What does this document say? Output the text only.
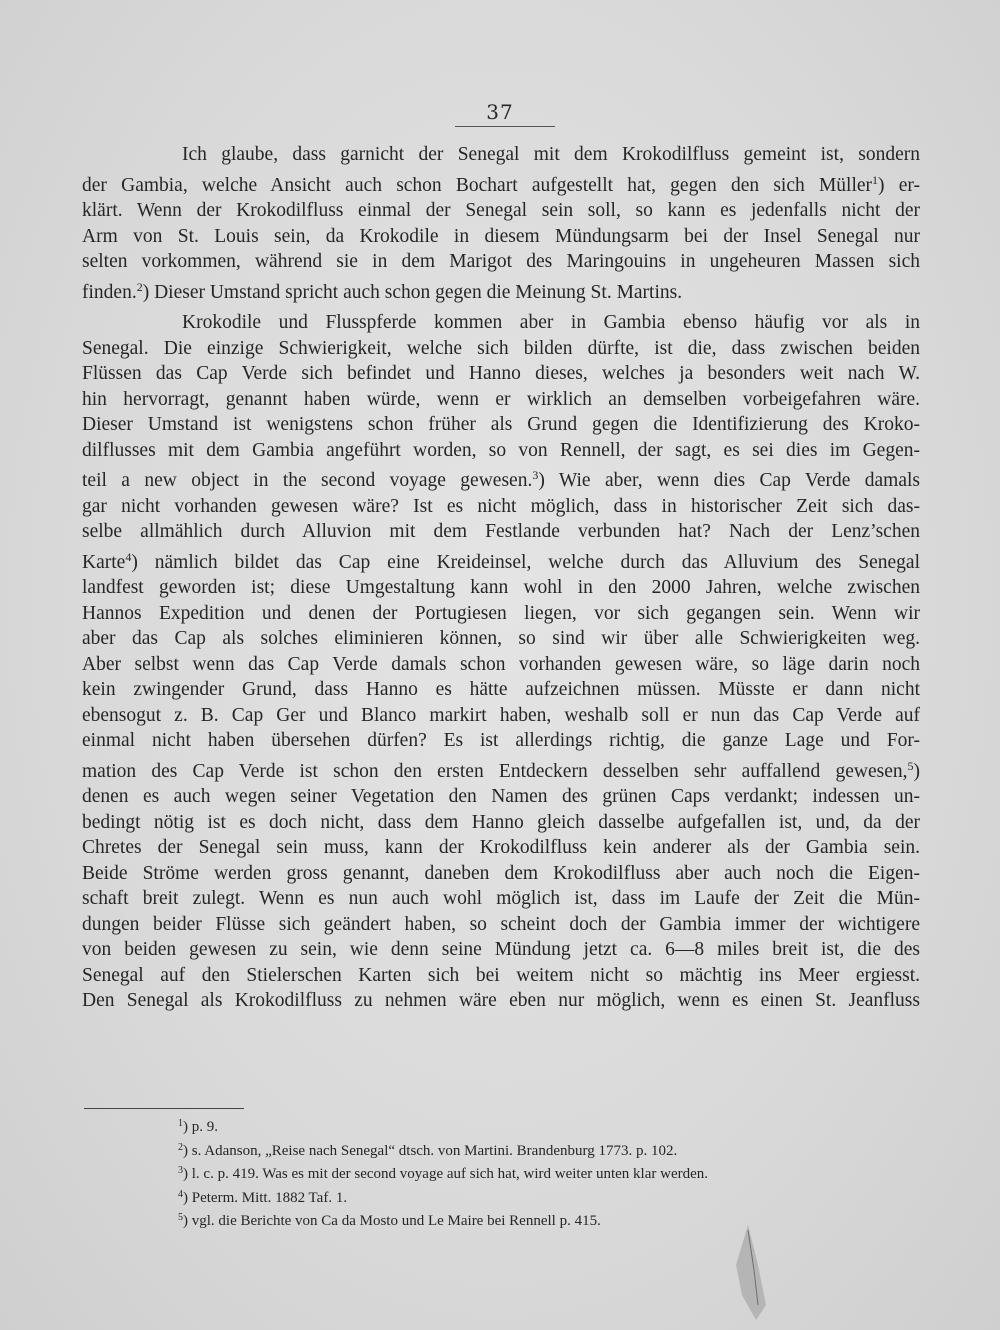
37
Ich glaube, dass garnicht der Senegal mit dem Krokodilfluss gemeint ist, sondern
der Gambia, welche Ansicht auch schon Bochart aufgestellt hat, gegen den sich Müller$^1$) er-
klärt. Wenn der Krokodilfluss einmal der Senegal sein soll, so kann es jedenfalls nicht der
Arm von St. Louis sein, da Krokodile in diesem Mündungsarm bei der Insel Senegal nur
selten vorkommen, während sie in dem Marigot des Maringouins in ungeheuren Massen sich
finden.$^2$) Dieser Umstand spricht auch schon gegen die Meinung St. Martins.
Krokodile und Flusspferde kommen aber in Gambia ebenso häufig vor als in
Senegal. Die einzige Schwierigkeit, welche sich bilden dürfte, ist die, dass zwischen beiden
Flüssen das Cap Verde sich befindet und Hanno dieses, welches ja besonders weit nach W.
hin hervorragt, genannt haben würde, wenn er wirklich an demselben vorbeigefahren wäre.
Dieser Umstand ist wenigstens schon früher als Grund gegen die Identifizierung des Kroko-
dilflusses mit dem Gambia angeführt worden, so von Rennell, der sagt, es sei dies im Gegen-
teil a new object in the second voyage gewesen.$^3$) Wie aber, wenn dies Cap Verde damals
gar nicht vorhanden gewesen wäre? Ist es nicht möglich, dass in historischer Zeit sich das-
selbe allmählich durch Alluvion mit dem Festlande verbunden hat? Nach der Lenz’schen
Karte$^4$) nämlich bildet das Cap eine Kreideinsel, welche durch das Alluvium des Senegal
landfest geworden ist; diese Umgestaltung kann wohl in den 2000 Jahren, welche zwischen
Hannos Expedition und denen der Portugiesen liegen, vor sich gegangen sein. Wenn wir
aber das Cap als solches eliminieren können, so sind wir über alle Schwierigkeiten weg.
Aber selbst wenn das Cap Verde damals schon vorhanden gewesen wäre, so läge darin noch
kein zwingender Grund, dass Hanno es hätte aufzeichnen müssen. Müsste er dann nicht
ebensogut z. B. Cap Ger und Blanco markirt haben, weshalb soll er nun das Cap Verde auf
einmal nicht haben übersehen dürfen? Es ist allerdings richtig, die ganze Lage und For-
mation des Cap Verde ist schon den ersten Entdeckern desselben sehr auffallend gewesen,$^5$)
denen es auch wegen seiner Vegetation den Namen des grünen Caps verdankt; indessen un-
bedingt nötig ist es doch nicht, dass dem Hanno gleich dasselbe aufgefallen ist, und, da der
Chretes der Senegal sein muss, kann der Krokodilfluss kein anderer als der Gambia sein.
Beide Ströme werden gross genannt, daneben dem Krokodilfluss aber auch noch die Eigen-
schaft breit zulegt. Wenn es nun auch wohl möglich ist, dass im Laufe der Zeit die Mün-
dungen beider Flüsse sich geändert haben, so scheint doch der Gambia immer der wichtigere
von beiden gewesen zu sein, wie denn seine Mündung jetzt ca. 6—8 miles breit ist, die des
Senegal auf den Stielerschen Karten sich bei weitem nicht so mächtig ins Meer ergiesst.
Den Senegal als Krokodilfluss zu nehmen wäre eben nur möglich, wenn es einen St. Jeanfluss
$^1$) p. 9.
$^2$) s. Adanson, „Reise nach Senegal“ dtsch. von Martini. Brandenburg 1773. p. 102.
$^3$) l. c. p. 419. Was es mit der second voyage auf sich hat, wird weiter unten klar werden.
$^4$) Peterm. Mitt. 1882 Taf. 1.
$^5$) vgl. die Berichte von Ca da Mosto und Le Maire bei Rennell p. 415.
